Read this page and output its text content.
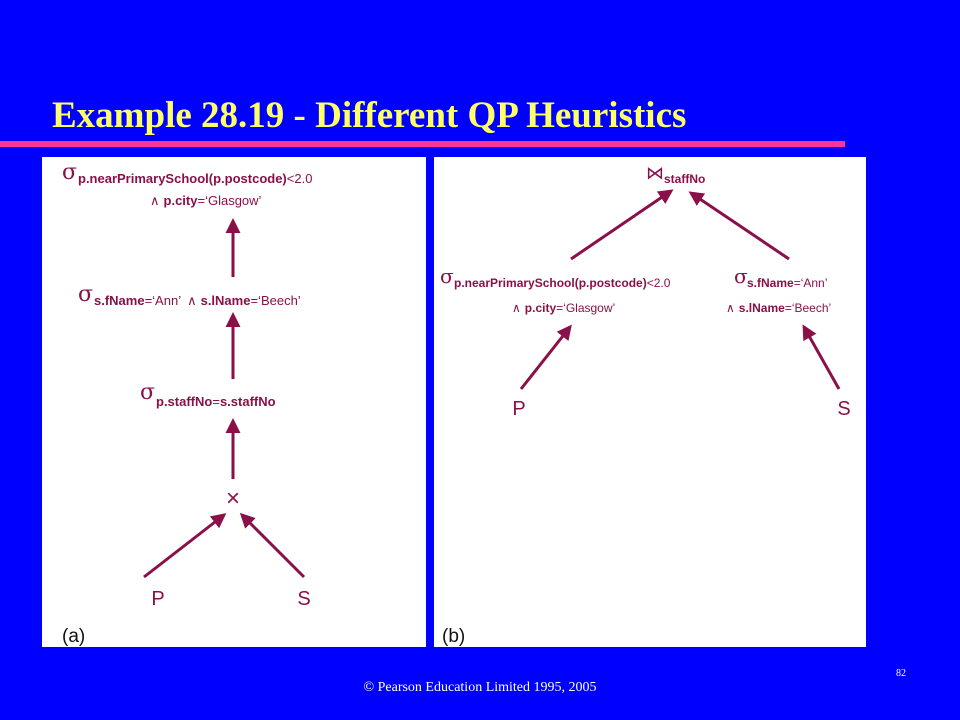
Example 28.19 - Different QP Heuristics
σ p.nearPrimarySchool(p.postcode)<2.0
∧ p.city=‘Glasgow’
σ s.fName=‘Ann’ ∧ s.lName=‘Beech’
σ p.staffNo=s.staffNo
×
P	S
(a)
⋈ staffNo
σ p.nearPrimarySchool(p.postcode)<2.0
∧ p.city=‘Glasgow’
σ s.fName=‘Ann’
∧ s.lName=‘Beech’
P	S
(b)
© Pearson Education Limited 1995, 2005
82
